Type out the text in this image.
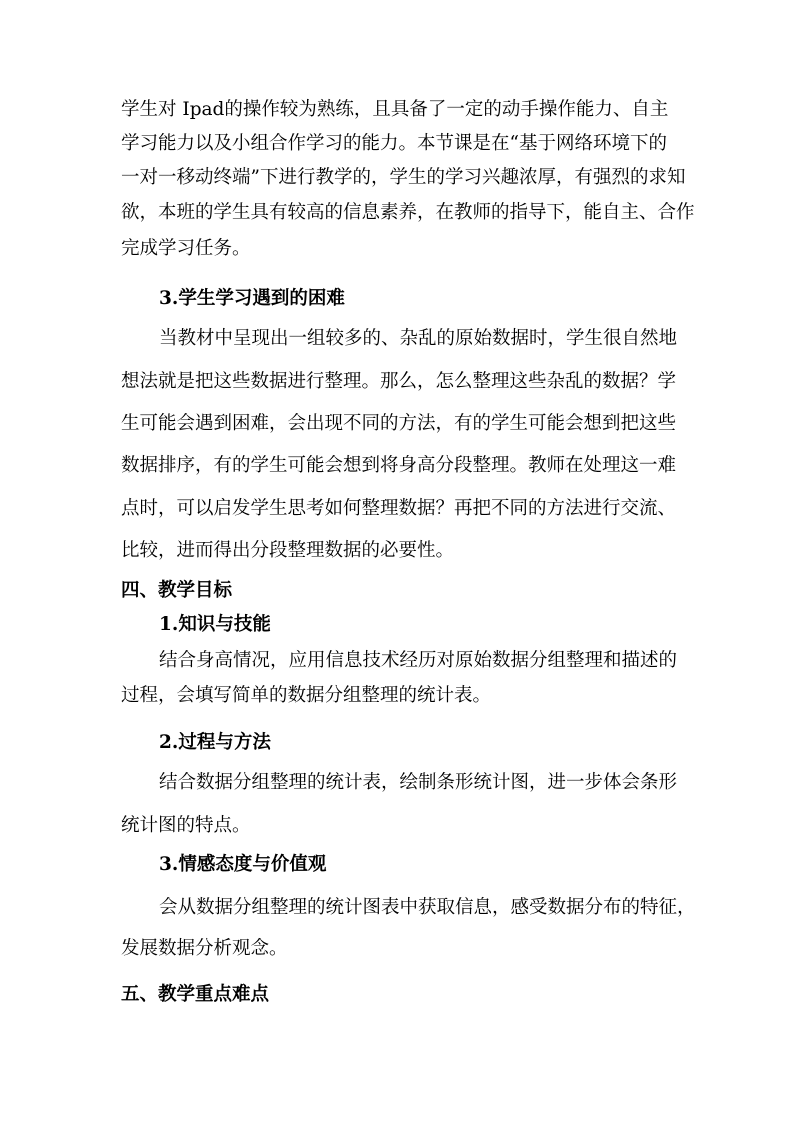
学生对 Ipad的操作较为熟练，且具备了一定的动手操作能力、自主
学习能力以及小组合作学习的能力。本节课是在“基于网络环境下的
一对一移动终端”下进行教学的，学生的学习兴趣浓厚，有强烈的求知
欲，本班的学生具有较高的信息素养，在教师的指导下，能自主、合作
完成学习任务。
3.学生学习遇到的困难
当教材中呈现出一组较多的、杂乱的原始数据时，学生很自然地
想法就是把这些数据进行整理。那么，怎么整理这些杂乱的数据？学
生可能会遇到困难，会出现不同的方法，有的学生可能会想到把这些
数据排序，有的学生可能会想到将身高分段整理。教师在处理这一难
点时，可以启发学生思考如何整理数据？再把不同的方法进行交流、
比较，进而得出分段整理数据的必要性。
四、教学目标
1.知识与技能
结合身高情况，应用信息技术经历对原始数据分组整理和描述的
过程，会填写简单的数据分组整理的统计表。
2.过程与方法
结合数据分组整理的统计表，绘制条形统计图，进一步体会条形
统计图的特点。
3.情感态度与价值观
会从数据分组整理的统计图表中获取信息，感受数据分布的特征，
发展数据分析观念。
五、教学重点难点
